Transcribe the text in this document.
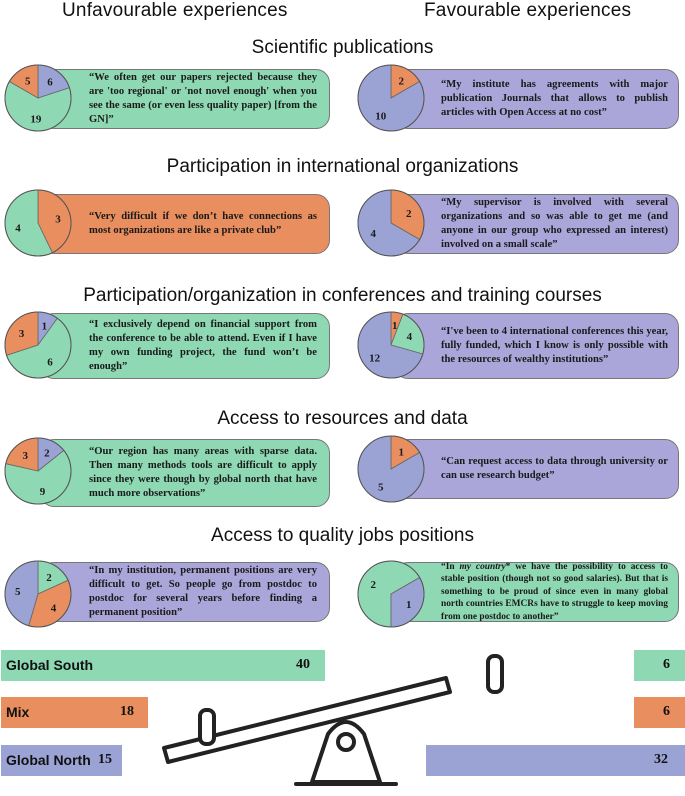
Unfavourable experiences	Favourable experiences
Scientific publications
Participation in international organizations
Participation/organization in conferences and training courses
Access to resources and data
Access to quality jobs positions
“We often get our papers rejected because they are 'too regional' or 'not novel enough' when you see the same (or even less quality paper) [from the GN]”
“Very difficult if we don’t have connections as most organizations are like a private club”
“I exclusively depend on financial support from the conference to be able to attend. Even if I have my own funding project, the fund won’t be enough”
“Our region has many areas with sparse data. Then many methods tools are difficult to apply since they were though by global north that have much more observations”
“In my institution, permanent positions are very difficult to get. So people go from postdoc to postdoc for several years before finding a permanent position”
“My institute has agreements with major publication Journals that allows to publish articles with Open Access at no cost”
“My supervisor is involved with several organizations and so was able to get me (and anyone in our group who expressed an interest) involved on a small scale”
“I've been to 4 international conferences this year, fully funded, which I know is only possible with the resources of wealthy institutions”
“Can request access to data through university or can use research budget”
“In my country* we have the possibility to access to stable position (though not so good salaries). But that is something to be proud of since even in many global north countries EMCRs have to struggle to keep moving from one postdoc to another”
6
19
5	2
10
3
4
2
4
1
6
3
1
4
12
2
9
3	1
5
2
4
5
2
1
Global South	40
Mix	18
Global North 15
6
6
32
